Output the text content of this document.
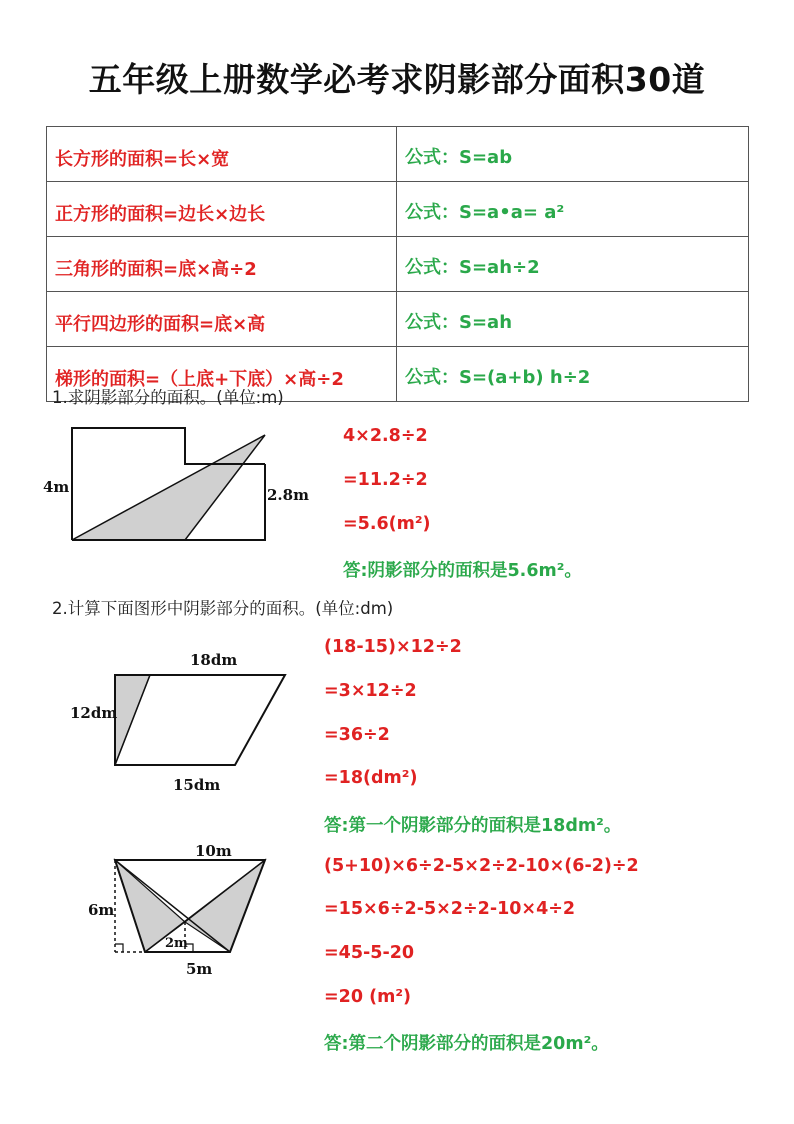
五年级上册数学必考求阴影部分面积30道
长方形的面积=长×宽	公式：S=ab
正方形的面积=边长×边长	公式：S=a•a= a²
三角形的面积=底×高÷2	公式：S=ah÷2
平行四边形的面积=底×高	公式：S=ah
梯形的面积=（上底+下底）×高÷2	公式：S=(a+b) h÷2
1.求阴影部分的面积。(单位:m)
4m	2.8m
4×2.8÷2
=11.2÷2
=5.6(m²)
答:阴影部分的面积是5.6m²。
2.计算下面图形中阴影部分的面积。(单位:dm)
18dm
12dm
15dm
10m
6m
2m
5m
(18-15)×12÷2
=3×12÷2
=36÷2
=18(dm²)
答:第一个阴影部分的面积是18dm²。
(5+10)×6÷2-5×2÷2-10×(6-2)÷2
=15×6÷2-5×2÷2-10×4÷2
=45-5-20
=20 (m²)
答:第二个阴影部分的面积是20m²。
